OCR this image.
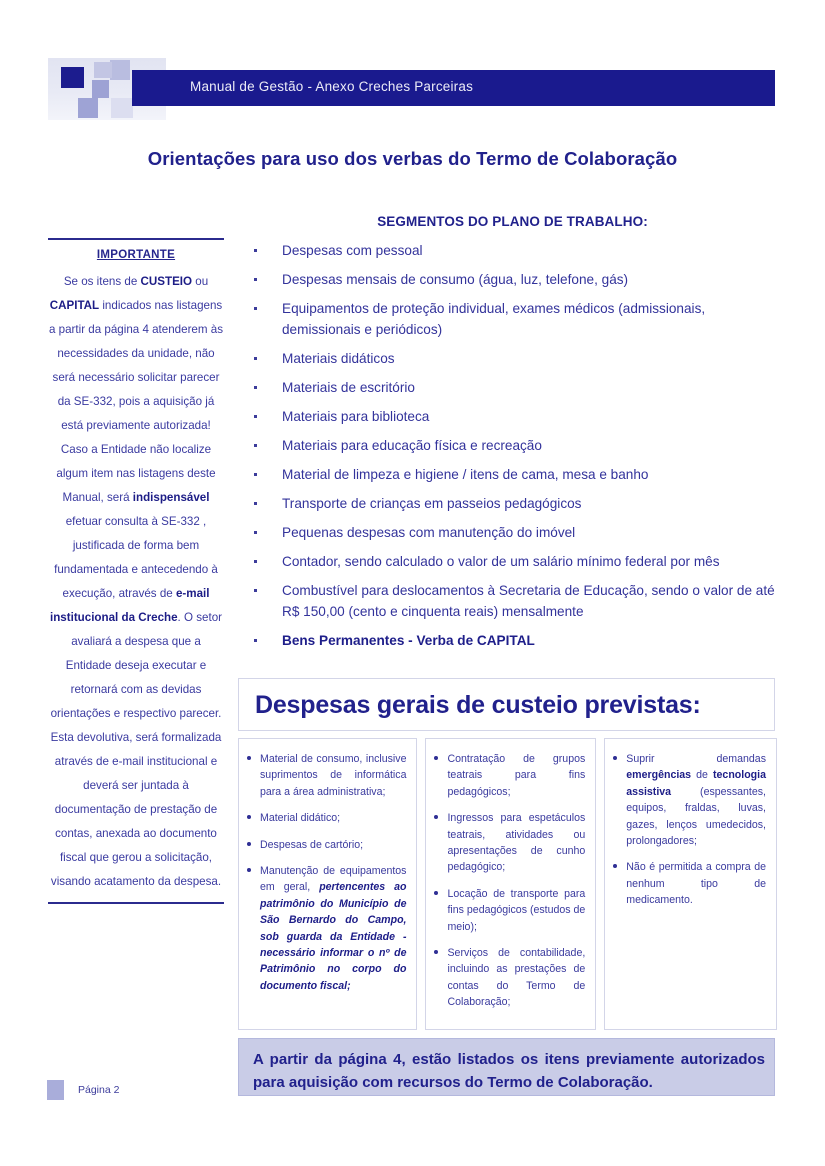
Manual de Gestão - Anexo Creches Parceiras
Orientações para uso dos verbas do Termo de Colaboração
IMPORTANTE
Se os itens de CUSTEIO ou CAPITAL indicados nas listagens a partir da página 4 atenderem às necessidades da unidade, não será necessário solicitar parecer da SE-332, pois a aquisição já está previamente autorizada!
Caso a Entidade não localize algum item nas listagens deste Manual, será indispensável efetuar consulta à SE-332 , justificada de forma bem fundamentada e antecedendo à execução, através de e-mail institucional da Creche. O setor avaliará a despesa que a Entidade deseja executar e retornará com as devidas orientações e respectivo parecer.
Esta devolutiva, será formalizada através de e-mail institucional e deverá ser juntada à documentação de prestação de contas, anexada ao documento fiscal que gerou a solicitação, visando acatamento da despesa.
SEGMENTOS DO PLANO DE TRABALHO:
Despesas com pessoal
Despesas mensais de consumo (água, luz, telefone, gás)
Equipamentos de proteção individual, exames médicos (admissionais, demissionais e periódicos)
Materiais didáticos
Materiais de escritório
Materiais para biblioteca
Materiais para educação física e recreação
Material de limpeza e higiene / itens de cama, mesa e banho
Transporte de crianças em passeios pedagógicos
Pequenas despesas com manutenção do imóvel
Contador, sendo calculado o valor de um salário mínimo federal por mês
Combustível para deslocamentos à Secretaria de Educação, sendo o valor de até R$ 150,00 (cento e cinquenta reais) mensalmente
Bens Permanentes - Verba de CAPITAL
Despesas gerais de custeio previstas:
Material de consumo, inclusive suprimentos de informática para a área administrativa;
Material didático;
Despesas de cartório;
Manutenção de equipamentos em geral, pertencentes ao patrimônio do Município de São Bernardo do Campo, sob guarda da Entidade - necessário informar o nº de Patrimônio no corpo do documento fiscal;
Contratação de grupos teatrais para fins pedagógicos;
Ingressos para espetáculos teatrais, atividades ou apresentações de cunho pedagógico;
Locação de transporte para fins pedagógicos (estudos de meio);
Serviços de contabilidade, incluindo as prestações de contas do Termo de Colaboração;
Suprir demandas emergências de tecnologia assistiva (espessantes, equipos, fraldas, luvas, gazes, lenços umedecidos, prolongadores;
Não é permitida a compra de nenhum tipo de medicamento.
A partir da página 4, estão listados os itens previamente autorizados para aquisição com recursos do Termo de Colaboração.
Página 2
